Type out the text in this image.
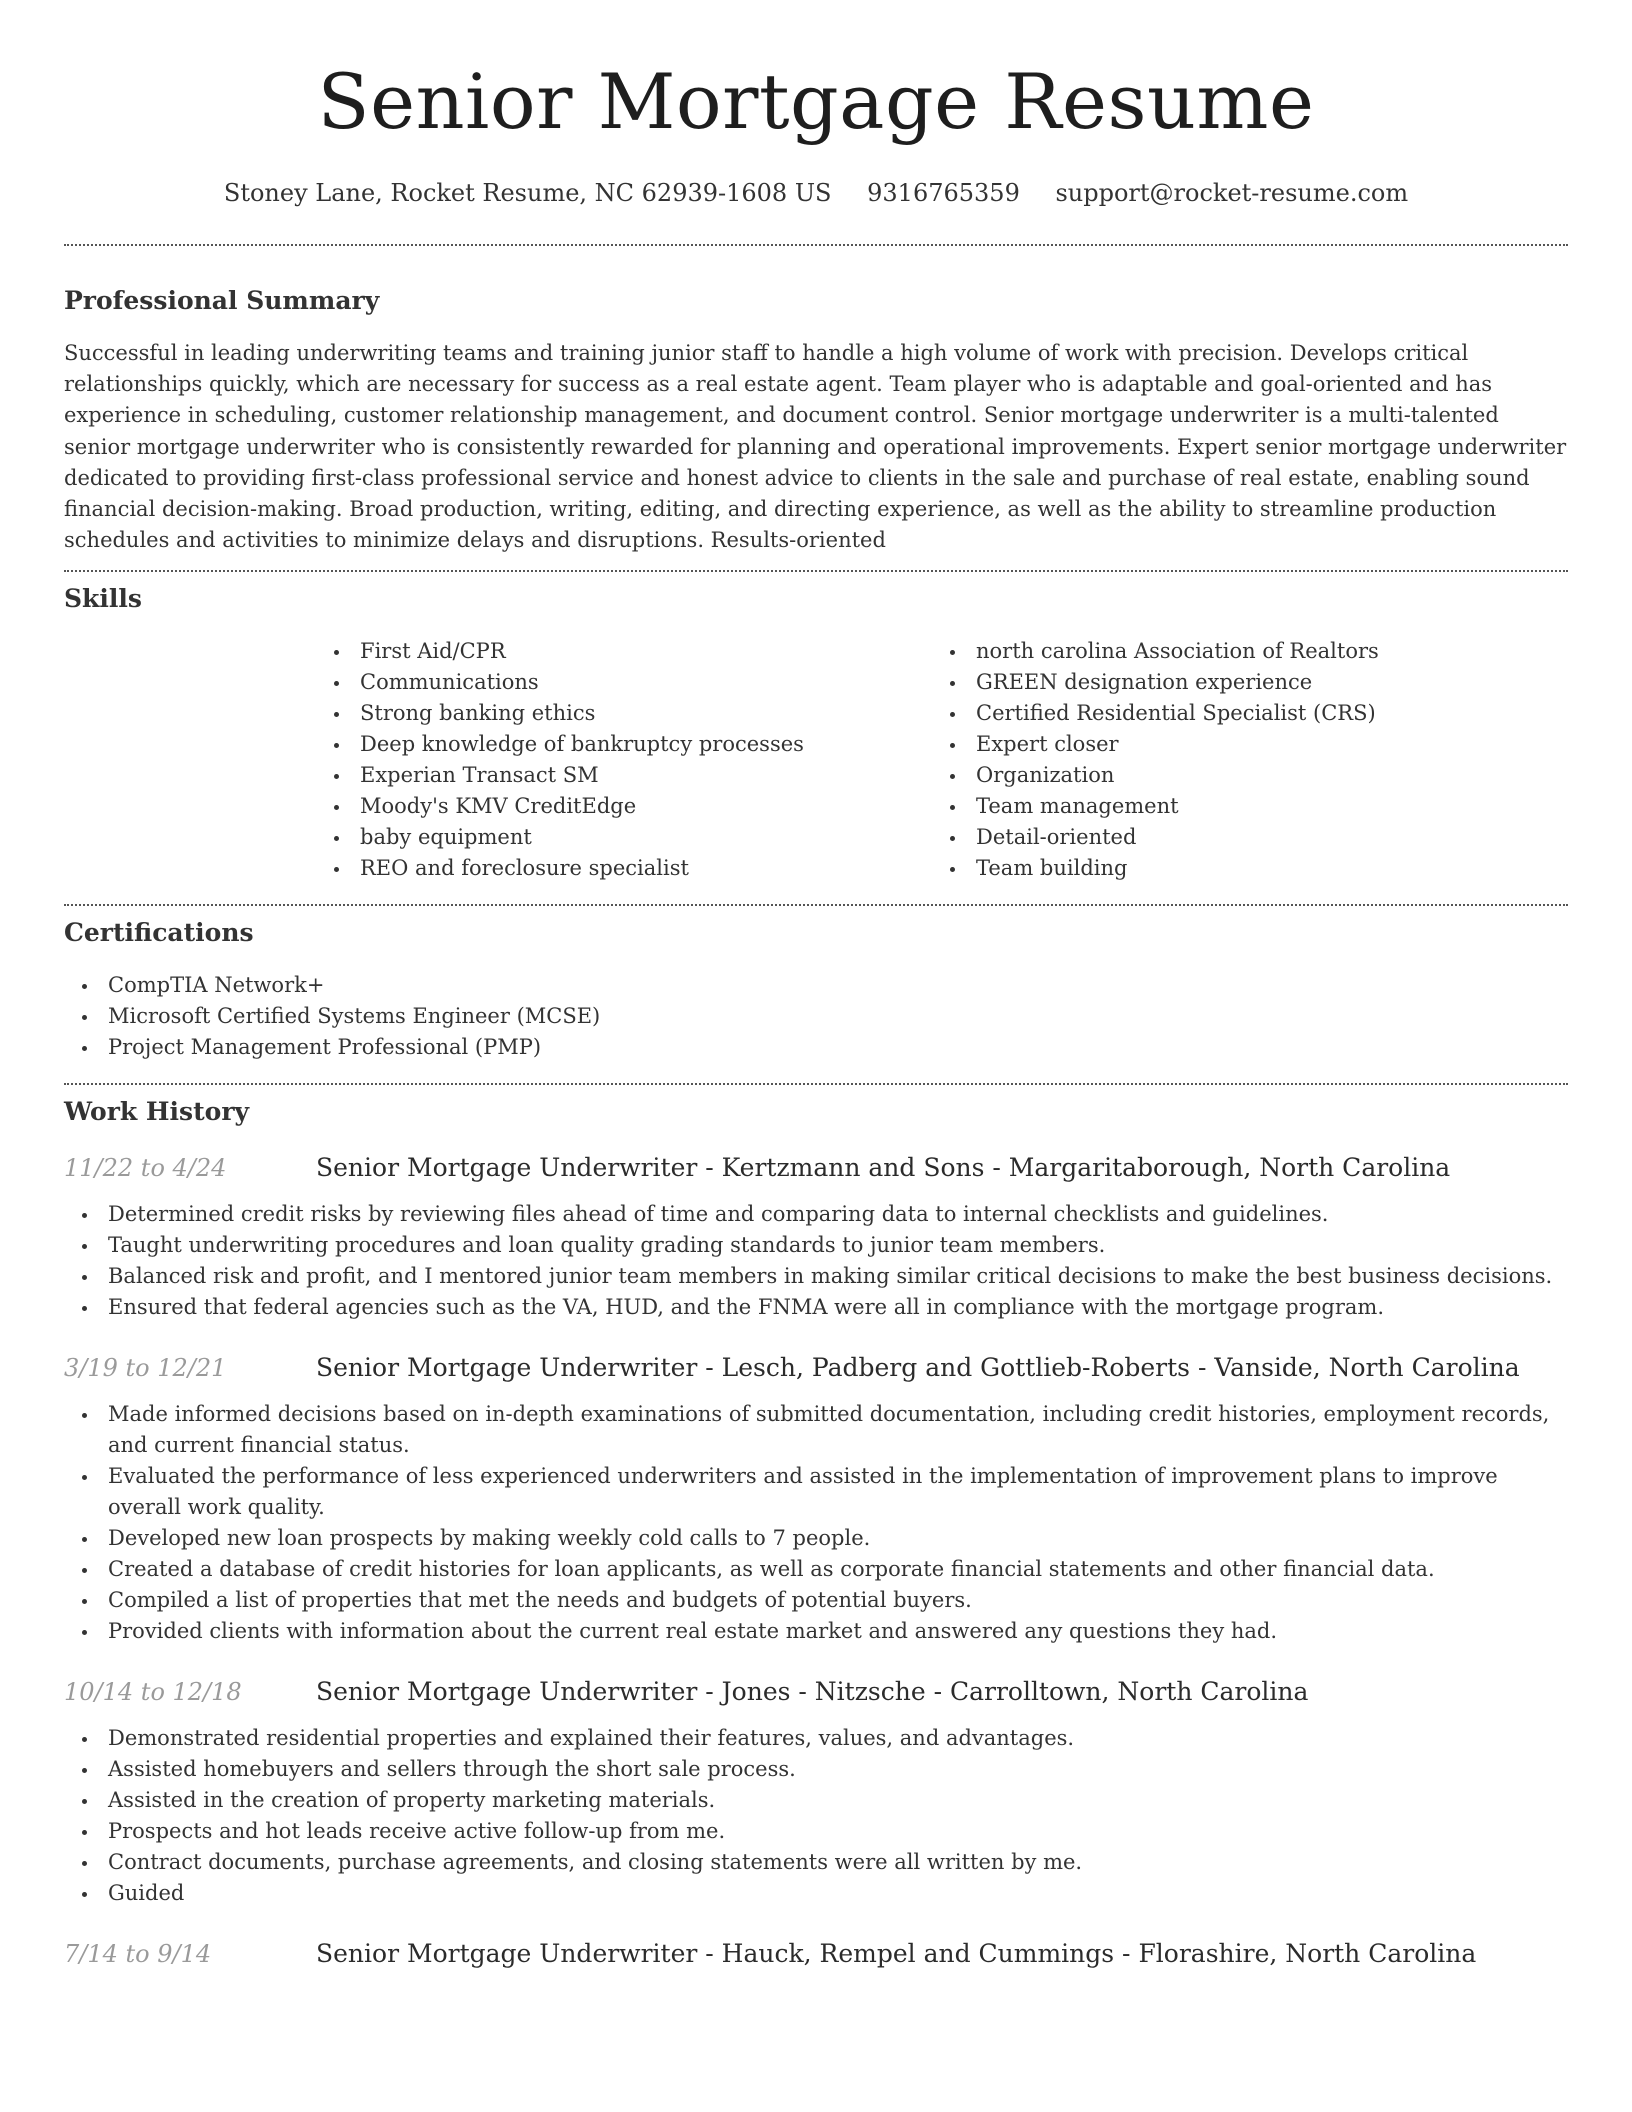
Senior Mortgage Resume
Stoney Lane, Rocket Resume, NC 62939-1608 US 9316765359 support@rocket-resume.com
Professional Summary

Successful in leading underwriting teams and training junior staff to handle a high volume of work with precision. Develops critical relationships quickly, which are necessary for success as a real estate agent. Team player who is adaptable and goal-oriented and has experience in scheduling, customer relationship management, and document control. Senior mortgage underwriter is a multi-talented senior mortgage underwriter who is consistently rewarded for planning and operational improvements. Expert senior mortgage underwriter dedicated to providing first-class professional service and honest advice to clients in the sale and purchase of real estate, enabling sound financial decision-making. Broad production, writing, editing, and directing experience, as well as the ability to streamline production schedules and activities to minimize delays and disruptions. Results-oriented

Skills
First Aid/CPR
Communications
Strong banking ethics
Deep knowledge of bankruptcy processes
Experian Transact SM
Moody's KMV CreditEdge
baby equipment
REO and foreclosure specialist
north carolina Association of Realtors
GREEN designation experience
Certified Residential Specialist (CRS)
Expert closer
Organization
Team management
Detail-oriented
Team building
Certifications
CompTIA Network+
Microsoft Certified Systems Engineer (MCSE)
Project Management Professional (PMP)
Work History
11/22 to 4/24	Senior Mortgage Underwriter - Kertzmann and Sons - Margaritaborough, North Carolina
Determined credit risks by reviewing files ahead of time and comparing data to internal checklists and guidelines.
Taught underwriting procedures and loan quality grading standards to junior team members.
Balanced risk and profit, and I mentored junior team members in making similar critical decisions to make the best business decisions.
Ensured that federal agencies such as the VA, HUD, and the FNMA were all in compliance with the mortgage program.
3/19 to 12/21	Senior Mortgage Underwriter - Lesch, Padberg and Gottlieb-Roberts - Vanside, North Carolina
Made informed decisions based on in-depth examinations of submitted documentation, including credit histories, employment records, and current financial status.
Evaluated the performance of less experienced underwriters and assisted in the implementation of improvement plans to improve overall work quality.
Developed new loan prospects by making weekly cold calls to 7 people.
Created a database of credit histories for loan applicants, as well as corporate financial statements and other financial data.
Compiled a list of properties that met the needs and budgets of potential buyers.
Provided clients with information about the current real estate market and answered any questions they had.
10/14 to 12/18	Senior Mortgage Underwriter - Jones - Nitzsche - Carrolltown, North Carolina
Demonstrated residential properties and explained their features, values, and advantages.
Assisted homebuyers and sellers through the short sale process.
Assisted in the creation of property marketing materials.
Prospects and hot leads receive active follow-up from me.
Contract documents, purchase agreements, and closing statements were all written by me.
Guided
7/14 to 9/14	Senior Mortgage Underwriter - Hauck, Rempel and Cummings - Florashire, North Carolina
